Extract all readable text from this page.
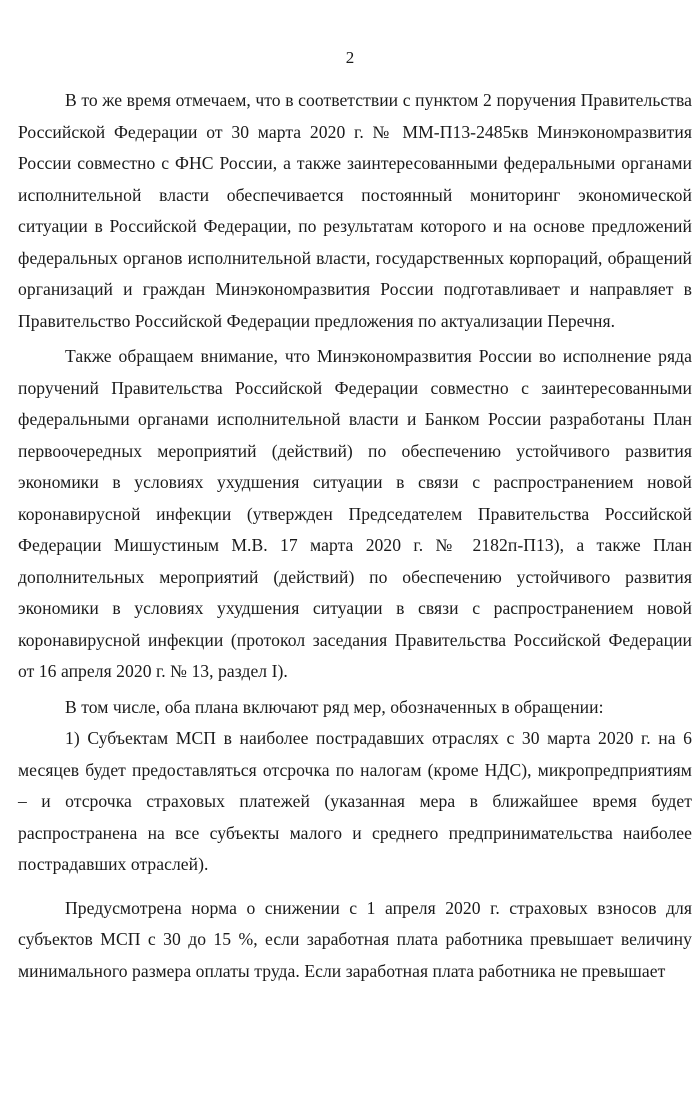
2

В то же время отмечаем, что в соответствии с пунктом 2 поручения Правительства Российской Федерации от 30 марта 2020 г. № ММ-П13-2485кв Минэкономразвития России совместно с ФНС России, а также заинтересованными федеральными органами исполнительной власти обеспечивается постоянный мониторинг экономической ситуации в Российской Федерации, по результатам которого и на основе предложений федеральных органов исполнительной власти, государственных корпораций, обращений организаций и граждан Минэкономразвития России подготавливает и направляет в Правительство Российской Федерации предложения по актуализации Перечня.

Также обращаем внимание, что Минэкономразвития России во исполнение ряда поручений Правительства Российской Федерации совместно с заинтересованными федеральными органами исполнительной власти и Банком России разработаны План первоочередных мероприятий (действий) по обеспечению устойчивого развития экономики в условиях ухудшения ситуации в связи с распространением новой коронавирусной инфекции (утвержден Председателем Правительства Российской Федерации Мишустиным М.В. 17 марта 2020 г. № 2182п-П13), а также План дополнительных мероприятий (действий) по обеспечению устойчивого развития экономики в условиях ухудшения ситуации в связи с распространением новой коронавирусной инфекции (протокол заседания Правительства Российской Федерации от 16 апреля 2020 г. № 13, раздел I).

В том числе, оба плана включают ряд мер, обозначенных в обращении:

1) Субъектам МСП в наиболее пострадавших отраслях с 30 марта 2020 г. на 6 месяцев будет предоставляться отсрочка по налогам (кроме НДС), микропредприятиям – и отсрочка страховых платежей (указанная мера в ближайшее время будет распространена на все субъекты малого и среднего предпринимательства наиболее пострадавших отраслей).

Предусмотрена норма о снижении с 1 апреля 2020 г. страховых взносов для субъектов МСП с 30 до 15 %, если заработная плата работника превышает величину минимального размера оплаты труда. Если заработная плата работника не превышает
